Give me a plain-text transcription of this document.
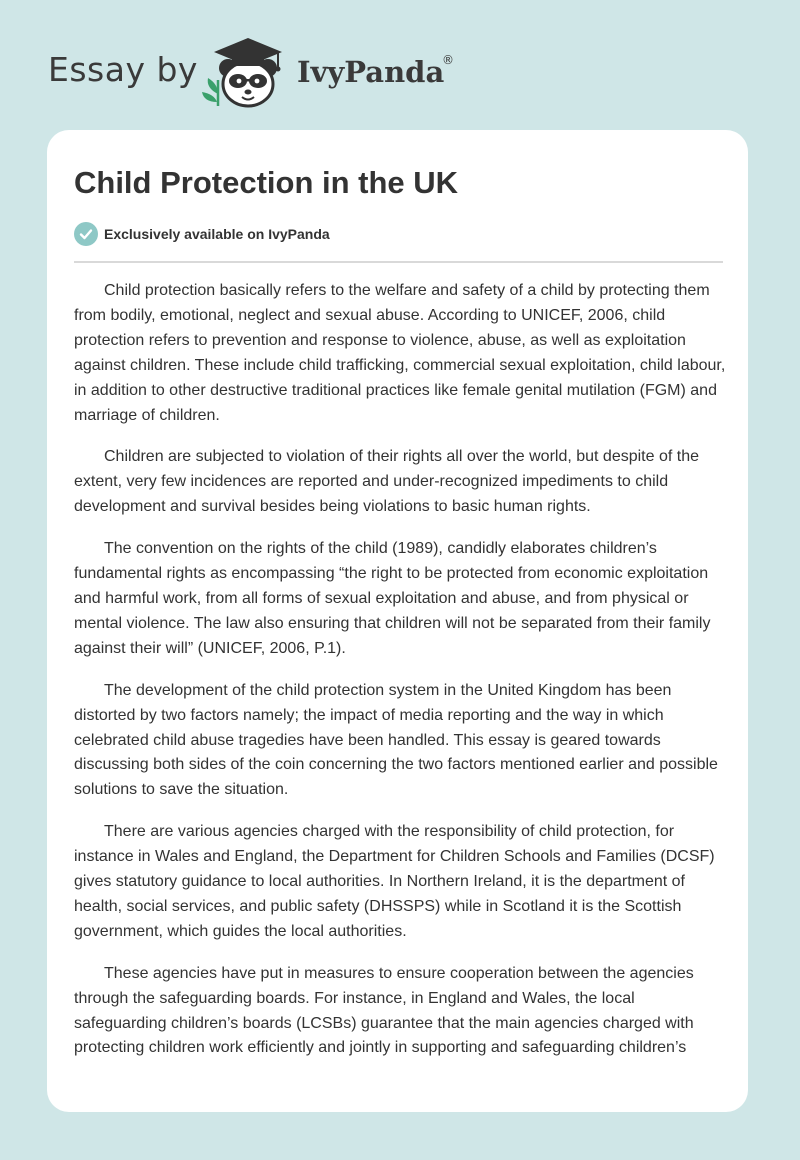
Essay by	IvyPanda
®
Child Protection in the UK
Exclusively available on IvyPanda

Child protection basically refers to the welfare and safety of a child by protecting them from bodily, emotional, neglect and sexual abuse. According to UNICEF, 2006, child protection refers to prevention and response to violence, abuse, as well as exploitation against children. These include child trafficking, commercial sexual exploitation, child labour, in addition to other destructive traditional practices like female genital mutilation (FGM) and marriage of children.

Children are subjected to violation of their rights all over the world, but despite of the extent, very few incidences are reported and under-recognized impediments to child development and survival besides being violations to basic human rights.

The convention on the rights of the child (1989), candidly elaborates children’s fundamental rights as encompassing “the right to be protected from economic exploitation and harmful work, from all forms of sexual exploitation and abuse, and from physical or mental violence. The law also ensuring that children will not be separated from their family against their will” (UNICEF, 2006, P.1).

The development of the child protection system in the United Kingdom has been distorted by two factors namely; the impact of media reporting and the way in which celebrated child abuse tragedies have been handled. This essay is geared towards discussing both sides of the coin concerning the two factors mentioned earlier and possible solutions to save the situation.

There are various agencies charged with the responsibility of child protection, for instance in Wales and England, the Department for Children Schools and Families (DCSF) gives statutory guidance to local authorities. In Northern Ireland, it is the department of health, social services, and public safety (DHSSPS) while in Scotland it is the Scottish government, which guides the local authorities.

These agencies have put in measures to ensure cooperation between the agencies through the safeguarding boards. For instance, in England and Wales, the local safeguarding children’s boards (LCSBs) guarantee that the main agencies charged with protecting children work efficiently and jointly in supporting and safeguarding children’s
